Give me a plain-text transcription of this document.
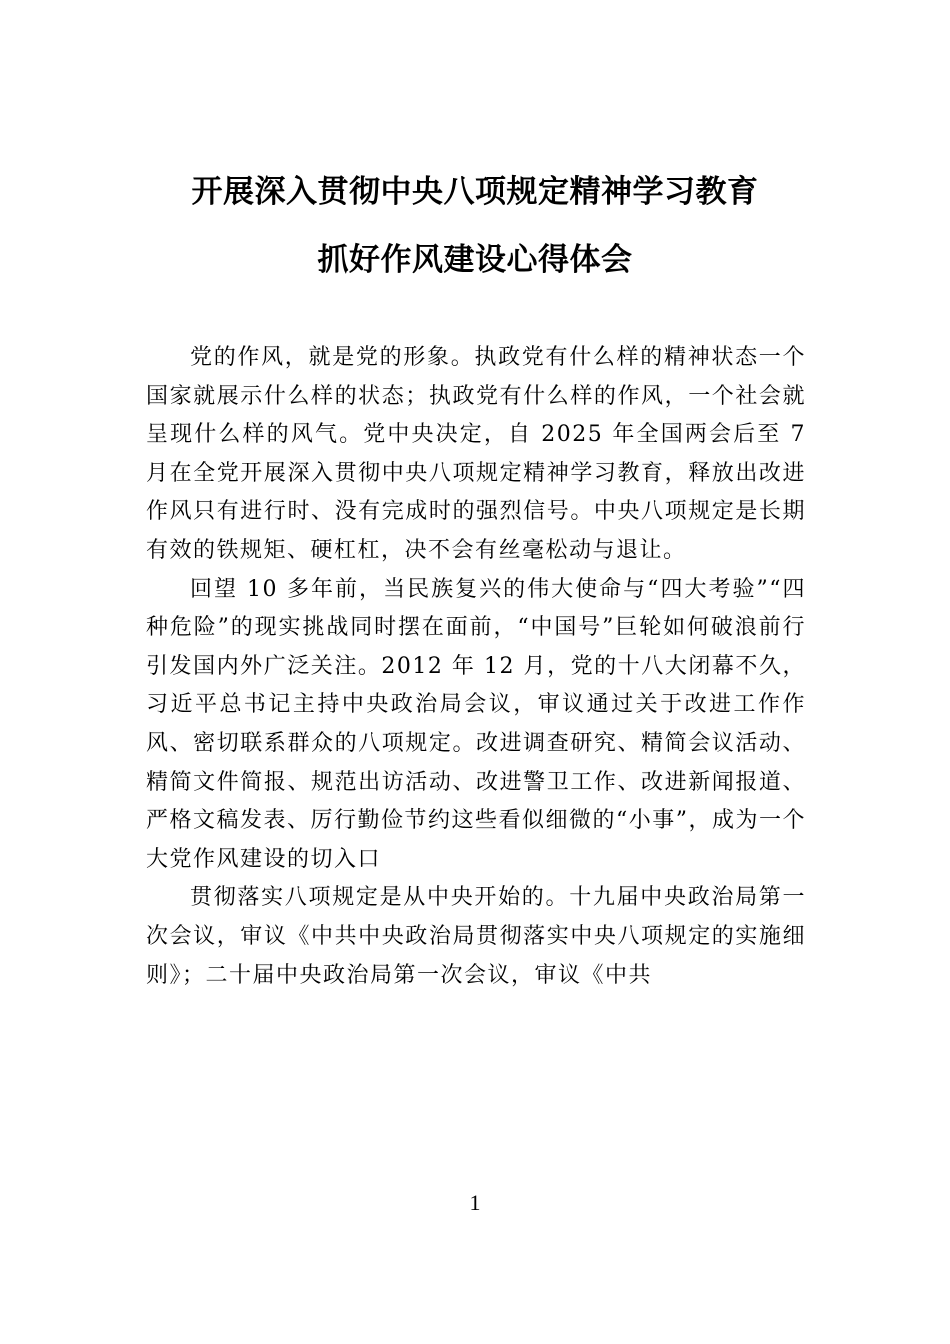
开展深入贯彻中央八项规定精神学习教育
抓好作风建设心得体会

党的作风，就是党的形象。执政党有什么样的精神状态一个国家就展示什么样的状态；执政党有什么样的作风，一个社会就呈现什么样的风气。党中央决定，自 2025 年全国两会后至 7 月在全党开展深入贯彻中央八项规定精神学习教育，释放出改进作风只有进行时、没有完成时的强烈信号。中央八项规定是长期有效的铁规矩、硬杠杠，决不会有丝毫松动与退让。

回望 10 多年前，当民族复兴的伟大使命与“四大考验”“四种危险”的现实挑战同时摆在面前，“中国号”巨轮如何破浪前行引发国内外广泛关注。2012 年 12 月，党的十八大闭幕不久，习近平总书记主持中央政治局会议，审议通过关于改进工作作风、密切联系群众的八项规定。改进调查研究、精简会议活动、精简文件简报、规范出访活动、改进警卫工作、改进新闻报道、严格文稿发表、厉行勤俭节约这些看似细微的“小事”，成为一个大党作风建设的切入口

贯彻落实八项规定是从中央开始的。十九届中央政治局第一次会议，审议《中共中央政治局贯彻落实中央八项规定的实施细则》；二十届中央政治局第一次会议，审议《中共

1
